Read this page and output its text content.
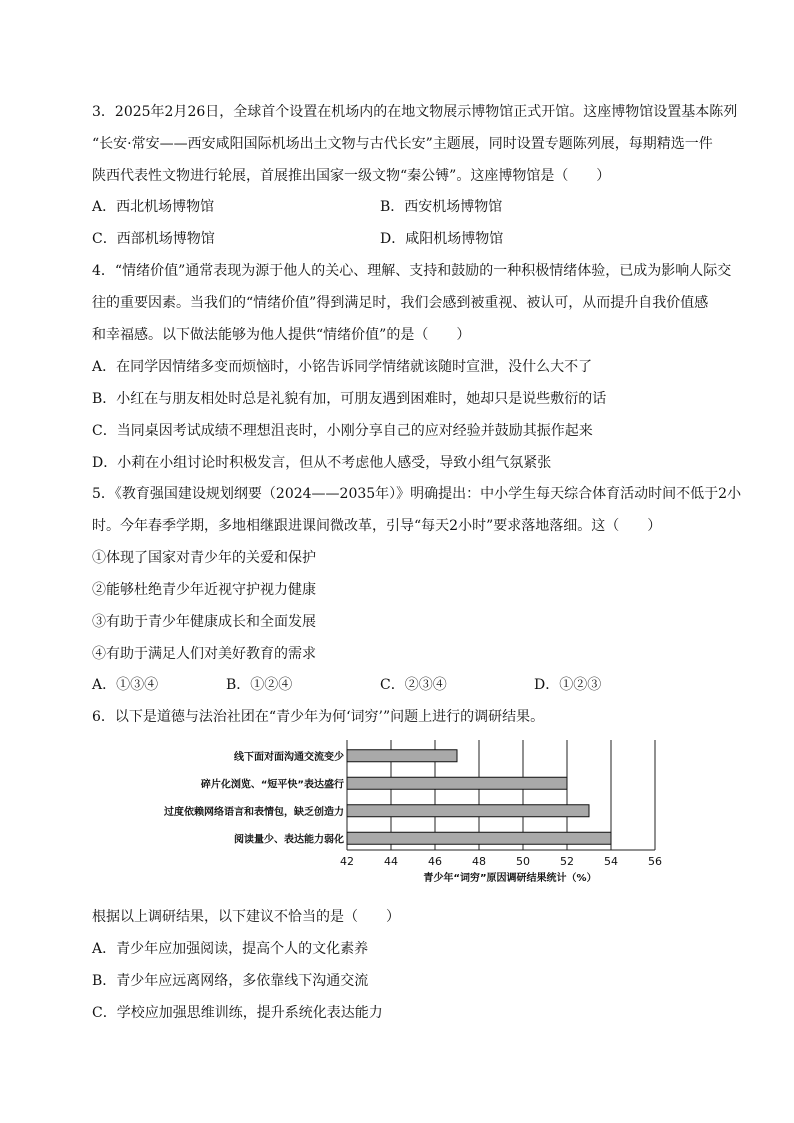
3．2025年2月26日，全球首个设置在机场内的在地文物展示博物馆正式开馆。这座博物馆设置基本陈列
“长安·常安——西安咸阳国际机场出土文物与古代长安”主题展，同时设置专题陈列展，每期精选一件
陕西代表性文物进行轮展，首展推出国家一级文物“秦公镈”。这座博物馆是（　　）
A．西北机场博物馆	B．西安机场博物馆
C．西部机场博物馆	D．咸阳机场博物馆
4．“情绪价值”通常表现为源于他人的关心、理解、支持和鼓励的一种积极情绪体验，已成为影响人际交
往的重要因素。当我们的“情绪价值”得到满足时，我们会感到被重视、被认可，从而提升自我价值感
和幸福感。以下做法能够为他人提供“情绪价值”的是（　　）
A．在同学因情绪多变而烦恼时，小铭告诉同学情绪就该随时宣泄，没什么大不了
B．小红在与朋友相处时总是礼貌有加，可朋友遇到困难时，她却只是说些敷衍的话
C．当同桌因考试成绩不理想沮丧时，小刚分享自己的应对经验并鼓励其振作起来
D．小莉在小组讨论时积极发言，但从不考虑他人感受，导致小组气氛紧张
5．《教育强国建设规划纲要（2024——2035年）》明确提出：中小学生每天综合体育活动时间不低于2小
时。今年春季学期，多地相继跟进课间微改革，引导“每天2小时”要求落地落细。这（　　）
①体现了国家对青少年的关爱和保护
②能够杜绝青少年近视守护视力健康
③有助于青少年健康成长和全面发展
④有助于满足人们对美好教育的需求
A．①③④	B．①②④	C．②③④	D．①②③
6．以下是道德与法治社团在“青少年为何‘词穷’”问题上进行的调研结果。
线下面对面沟通交流变少
碎片化浏览、“短平快”表达盛行
过度依赖网络语言和表情包，缺乏创造力
阅读量少、表达能力弱化
42	44	46	48	50	52	54	56
青少年“词穷”原因调研结果统计（%）
根据以上调研结果，以下建议不恰当的是（　　）
A．青少年应加强阅读，提高个人的文化素养
B．青少年应远离网络，多依靠线下沟通交流
C．学校应加强思维训练，提升系统化表达能力
